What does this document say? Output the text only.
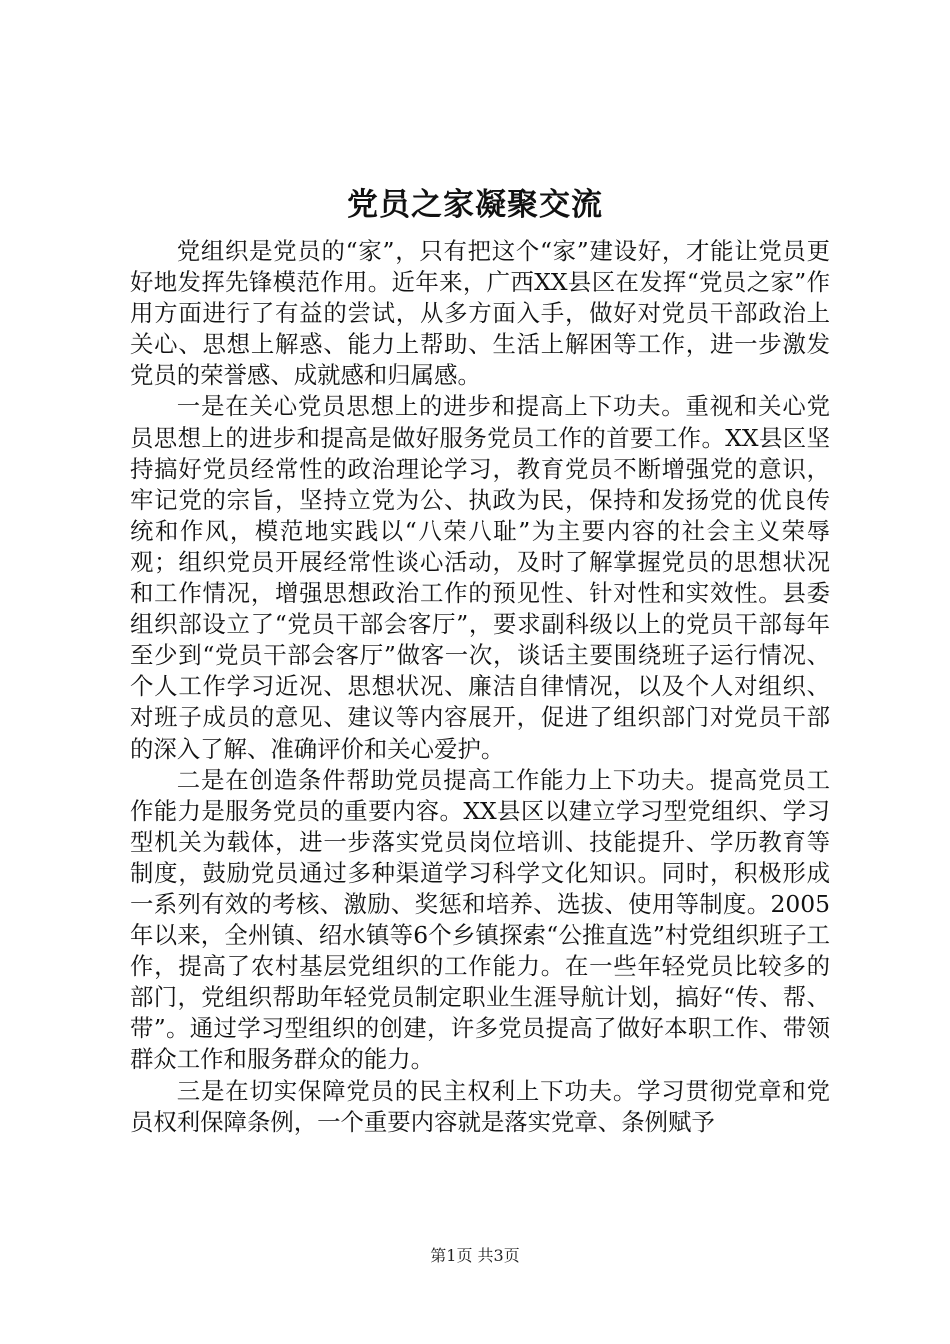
党员之家凝聚交流

党组织是党员的“家”，只有把这个“家”建设好，才能让党员更好地发挥先锋模范作用。近年来，广西XX县区在发挥“党员之家”作用方面进行了有益的尝试，从多方面入手，做好对党员干部政治上关心、思想上解惑、能力上帮助、生活上解困等工作，进一步激发党员的荣誉感、成就感和归属感。

一是在关心党员思想上的进步和提高上下功夫。重视和关心党员思想上的进步和提高是做好服务党员工作的首要工作。XX县区坚持搞好党员经常性的政治理论学习，教育党员不断增强党的意识，牢记党的宗旨，坚持立党为公、执政为民，保持和发扬党的优良传统和作风，模范地实践以“八荣八耻”为主要内容的社会主义荣辱观；组织党员开展经常性谈心活动，及时了解掌握党员的思想状况和工作情况，增强思想政治工作的预见性、针对性和实效性。县委组织部设立了“党员干部会客厅”，要求副科级以上的党员干部每年至少到“党员干部会客厅”做客一次，谈话主要围绕班子运行情况、个人工作学习近况、思想状况、廉洁自律情况，以及个人对组织、对班子成员的意见、建议等内容展开，促进了组织部门对党员干部的深入了解、准确评价和关心爱护。

二是在创造条件帮助党员提高工作能力上下功夫。提高党员工作能力是服务党员的重要内容。XX县区以建立学习型党组织、学习型机关为载体，进一步落实党员岗位培训、技能提升、学历教育等制度，鼓励党员通过多种渠道学习科学文化知识。同时，积极形成一系列有效的考核、激励、奖惩和培养、选拔、使用等制度。2005年以来，全州镇、绍水镇等6个乡镇探索“公推直选”村党组织班子工作，提高了农村基层党组织的工作能力。在一些年轻党员比较多的部门，党组织帮助年轻党员制定职业生涯导航计划，搞好“传、帮、带”。通过学习型组织的创建，许多党员提高了做好本职工作、带领群众工作和服务群众的能力。

三是在切实保障党员的民主权利上下功夫。学习贯彻党章和党员权利保障条例，一个重要内容就是落实党章、条例赋予

第1页 共3页
